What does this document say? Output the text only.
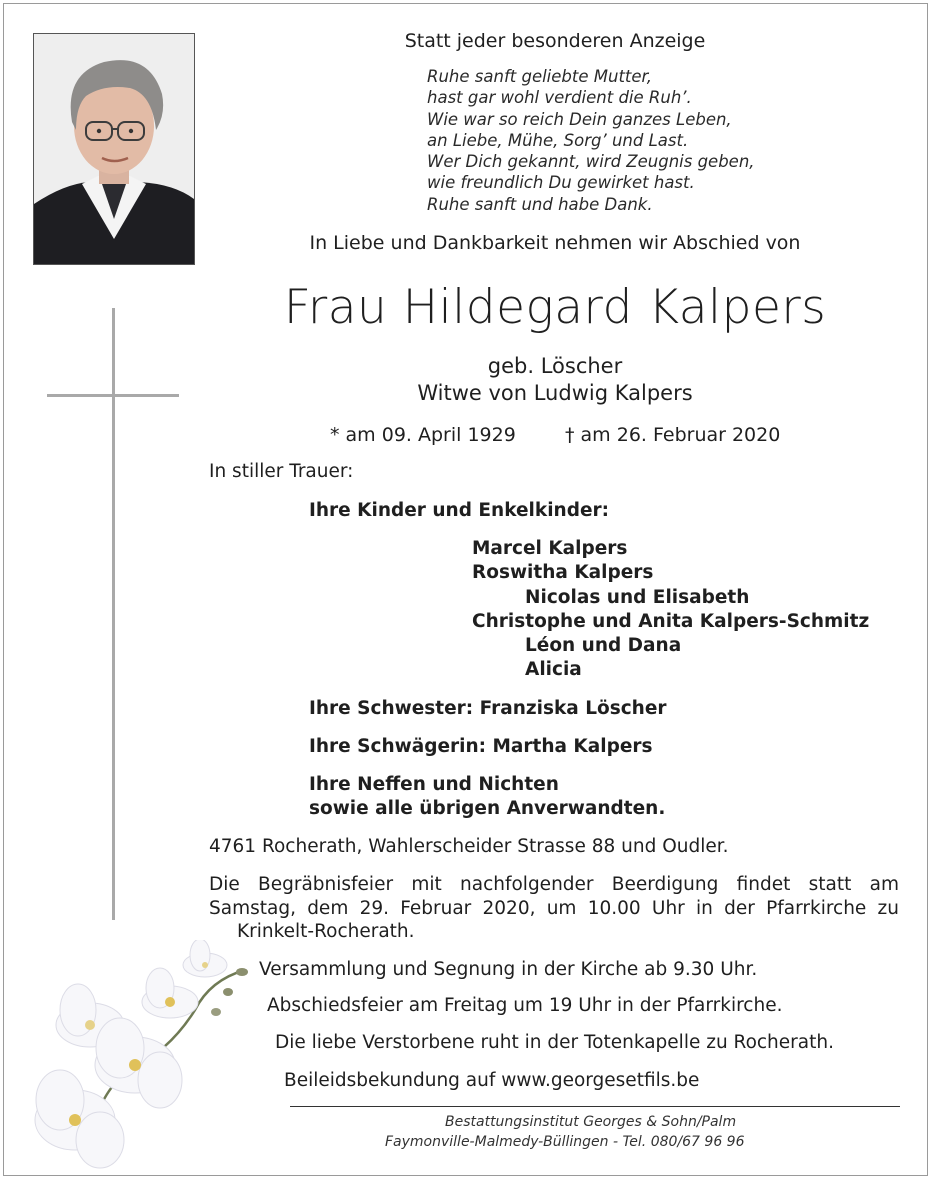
Statt jeder besonderen Anzeige
Ruhe sanft geliebte Mutter,
hast gar wohl verdient die Ruh’.
Wie war so reich Dein ganzes Leben,
an Liebe, Mühe, Sorg’ und Last.
Wer Dich gekannt, wird Zeugnis geben,
wie freundlich Du gewirket hast.
Ruhe sanft und habe Dank.
In Liebe und Dankbarkeit nehmen wir Abschied von
Frau Hildegard Kalpers
geb. Löscher
Witwe von Ludwig Kalpers
* am 09. April 1929	† am 26. Februar 2020
In stiller Trauer:
Ihre Kinder und Enkelkinder:
Marcel Kalpers
Roswitha Kalpers
Nicolas und Elisabeth
Christophe und Anita Kalpers-Schmitz
Léon und Dana
Alicia
Ihre Schwester: Franziska Löscher
Ihre Schwägerin: Martha Kalpers
Ihre Neffen und Nichten
sowie alle übrigen Anverwandten.
4761 Rocherath, Wahlerscheider Strasse 88 und Oudler.
Die Begräbnisfeier mit nachfolgender Beerdigung findet statt am
Samstag, dem 29. Februar 2020, um 10.00 Uhr in der Pfarrkirche zu
Krinkelt-Rocherath.
Versammlung und Segnung in der Kirche ab 9.30 Uhr.
Abschiedsfeier am Freitag um 19 Uhr in der Pfarrkirche.
Die liebe Verstorbene ruht in der Totenkapelle zu Rocherath.
Beileidsbekundung auf www.georgesetfils.be
Bestattungsinstitut Georges & Sohn/Palm
Faymonville-Malmedy-Büllingen - Tel. 080/67 96 96
